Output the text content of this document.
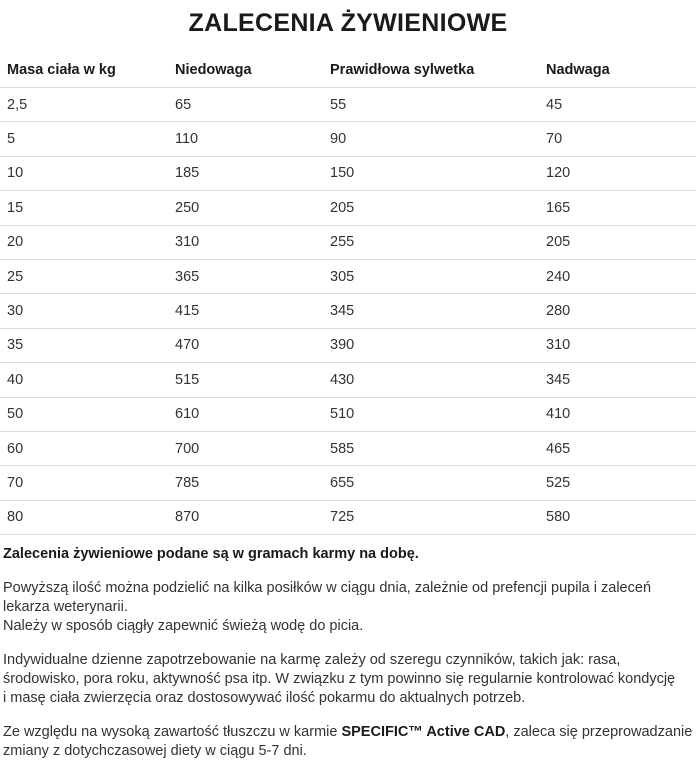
ZALECENIA ŻYWIENIOWE
Masa ciała w kg	Niedowaga	Prawidłowa sylwetka	Nadwaga
2,5	65	55	45
5	110	90	70
10	185	150	120
15	250	205	165
20	310	255	205
25	365	305	240
30	415	345	280
35	470	390	310
40	515	430	345
50	610	510	410
60	700	585	465
70	785	655	525
80	870	725	580

Zalecenia żywieniowe podane są w gramach karmy na dobę.

Powyższą ilość można podzielić na kilka posiłków w ciągu dnia, zależnie od prefencji pupila i zaleceń
lekarza weterynarii.
Należy w sposób ciągły zapewnić świeżą wodę do picia.

Indywidualne dzienne zapotrzebowanie na karmę zależy od szeregu czynników, takich jak: rasa,
środowisko, pora roku, aktywność psa itp. W związku z tym powinno się regularnie kontrolować kondycję
i masę ciała zwierzęcia oraz dostosowywać ilość pokarmu do aktualnych potrzeb.

Ze względu na wysoką zawartość tłuszczu w karmie SPECIFIC™ Active CAD, zaleca się przeprowadzanie
zmiany z dotychczasowej diety w ciągu 5-7 dni.
